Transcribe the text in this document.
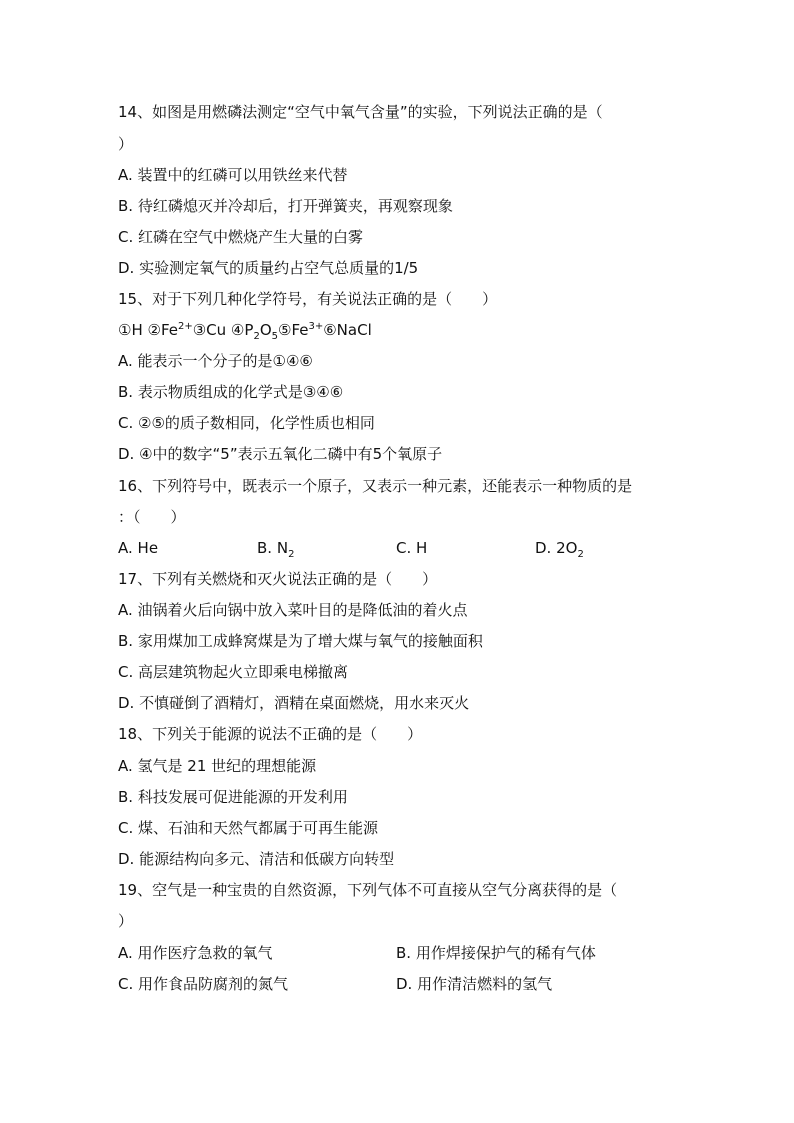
14、如图是用燃磷法测定“空气中氧气含量”的实验，下列说法正确的是（
）
A. 装置中的红磷可以用铁丝来代替
B. 待红磷熄灭并冷却后，打开弹簧夹，再观察现象
C. 红磷在空气中燃烧产生大量的白雾
D. 实验测定氧气的质量约占空气总质量的1/5
15、对于下列几种化学符号，有关说法正确的是（　　）
①H $②Fe^{2+}③Cu$ $④P_2O_5⑤Fe^{3+}⑥NaCl$
A. 能表示一个分子的是①④⑥
B. 表示物质组成的化学式是③④⑥
C. ②⑤的质子数相同，化学性质也相同
D. ④中的数字“5”表示五氧化二磷中有5个氧原子
16、下列符号中，既表示一个原子，又表示一种元素，还能表示一种物质的是
：（　　）
A. He	B. $N_2$	C. H	D. $2O_2$
17、下列有关燃烧和灭火说法正确的是（　　）
A. 油锅着火后向锅中放入菜叶目的是降低油的着火点
B. 家用煤加工成蜂窝煤是为了增大煤与氧气的接触面积
C. 高层建筑物起火立即乘电梯撤离
D. 不慎碰倒了酒精灯，酒精在桌面燃烧，用水来灭火
18、下列关于能源的说法不正确的是（　　）
A. 氢气是 21 世纪的理想能源
B. 科技发展可促进能源的开发利用
C. 煤、石油和天然气都属于可再生能源
D. 能源结构向多元、清洁和低碳方向转型
19、空气是一种宝贵的自然资源，下列气体不可直接从空气分离获得的是（
）
A. 用作医疗急救的氧气	B. 用作焊接保护气的稀有气体
C. 用作食品防腐剂的氮气	D. 用作清洁燃料的氢气
